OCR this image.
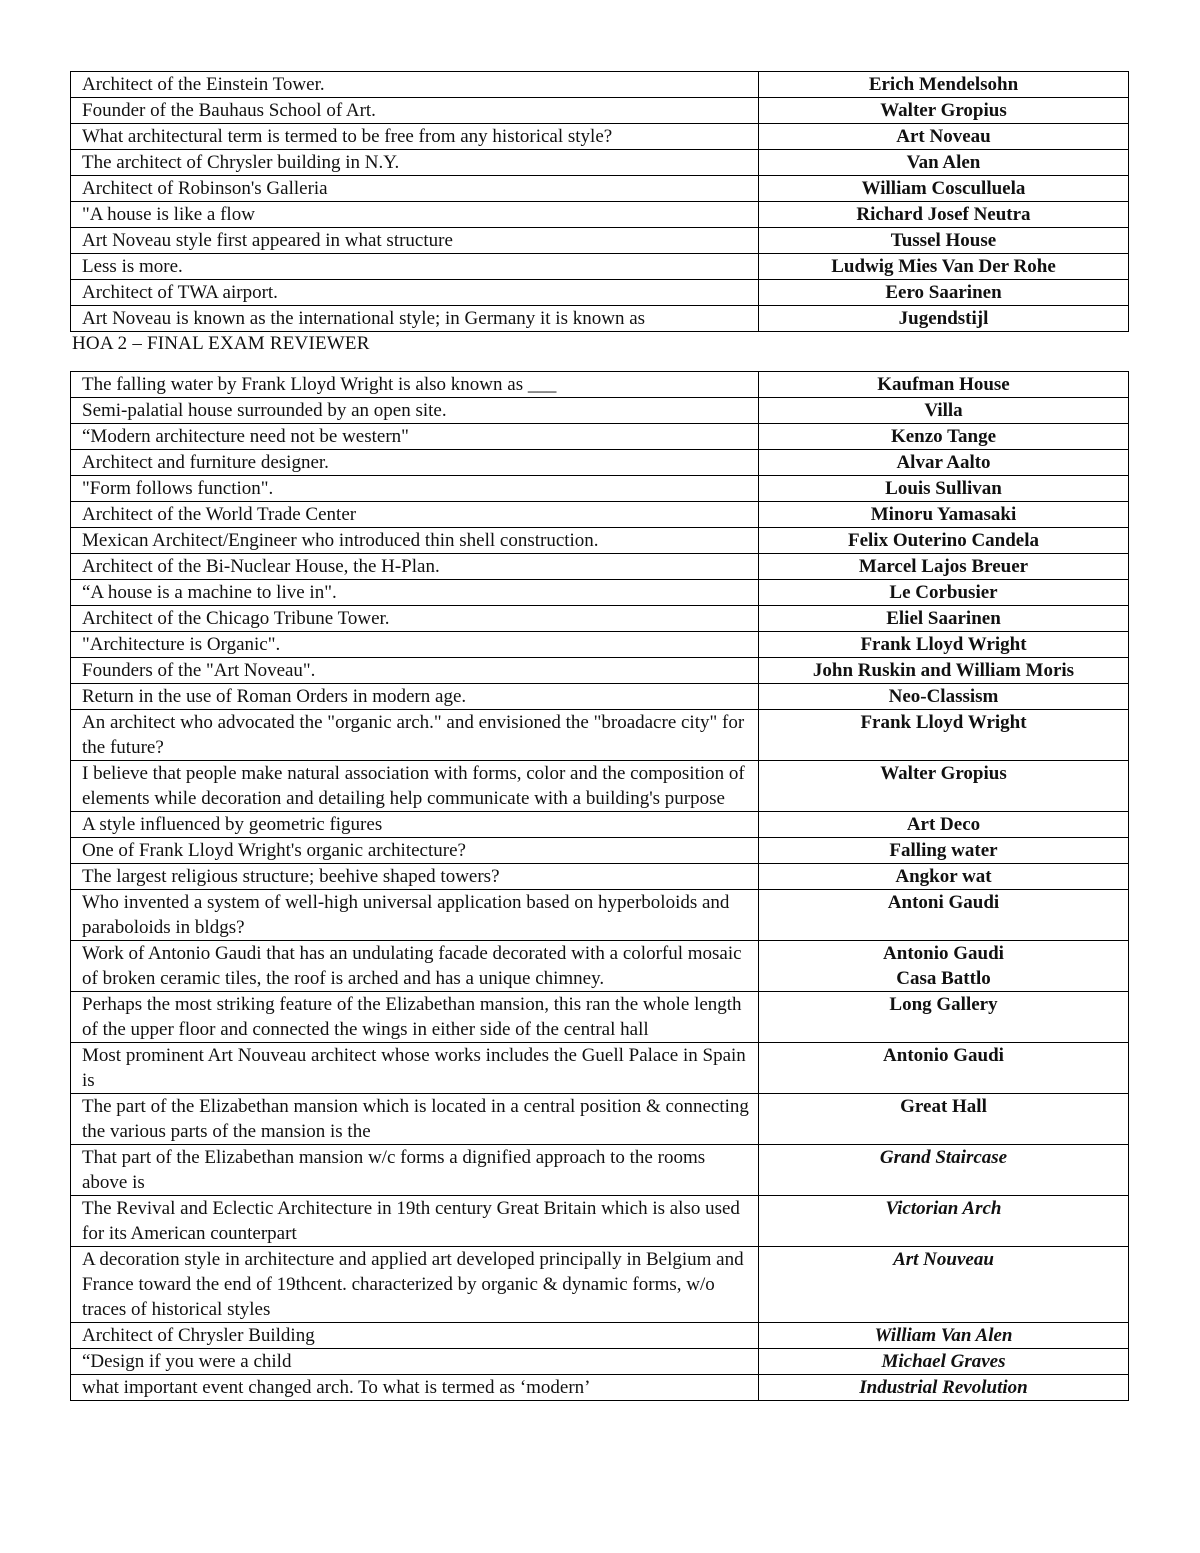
Architect of the Einstein Tower.	Erich Mendelsohn

Founder of the Bauhaus School of Art.	Walter Gropius

What architectural term is termed to be free from any historical style?	Art Noveau

The architect of Chrysler building in N.Y.	Van Alen

Architect of Robinson's Galleria	William Cosculluela

"A house is like a flow	Richard Josef Neutra

Art Noveau style first appeared in what structure	Tussel House

Less is more.	Ludwig Mies Van Der Rohe

Architect of TWA airport.	Eero Saarinen

Art Noveau is known as the international style; in Germany it is known as	Jugendstijl
HOA 2 – FINAL EXAM REVIEWER
The falling water by Frank Lloyd Wright is also known as ___	Kaufman House

Semi-palatial house surrounded by an open site.	Villa

“Modern architecture need not be western"	Kenzo Tange

Architect and furniture designer.	Alvar Aalto

"Form follows function".	Louis Sullivan

Architect of the World Trade Center	Minoru Yamasaki

Mexican Architect/Engineer who introduced thin shell construction.	Felix Outerino Candela

Architect of the Bi-Nuclear House, the H-Plan.	Marcel Lajos Breuer

“A house is a machine to live in".	Le Corbusier

Architect of the Chicago Tribune Tower.	Eliel Saarinen

"Architecture is Organic".	Frank Lloyd Wright

Founders of the "Art Noveau".	John Ruskin and William Moris

Return in the use of Roman Orders in modern age.	Neo-Classism

An architect who advocated the "organic arch." and envisioned the "broadacre city" for the future?	Frank Lloyd Wright

I believe that people make natural association with forms, color and the composition of elements while decoration and detailing help communicate with a building's purpose	Walter Gropius

A style influenced by geometric figures	Art Deco

One of Frank Lloyd Wright's organic architecture?	Falling water

The largest religious structure; beehive shaped towers?	Angkor wat

Who invented a system of well-high universal application based on hyperboloids and paraboloids in bldgs?	Antoni Gaudi

Work of Antonio Gaudi that has an undulating facade decorated with a colorful mosaic of broken ceramic tiles, the roof is arched and has a unique chimney.	Antonio Gaudi
Casa Battlo

Perhaps the most striking feature of the Elizabethan mansion, this ran the whole length of the upper floor and connected the wings in either side of the central hall	Long Gallery

Most prominent Art Nouveau architect whose works includes the Guell Palace in Spain is	Antonio Gaudi

The part of the Elizabethan mansion which is located in a central position & connecting the various parts of the mansion is the	Great Hall

That part of the Elizabethan mansion w/c forms a dignified approach to the rooms above is	Grand Staircase

The Revival and Eclectic Architecture in 19th century Great Britain which is also used for its American counterpart	Victorian Arch

A decoration style in architecture and applied art developed principally in Belgium and France toward the end of 19thcent. characterized by organic & dynamic forms, w/o traces of historical styles	Art Nouveau

Architect of Chrysler Building	William Van Alen

“Design if you were a child	Michael Graves

what important event changed arch. To what is termed as ‘modern’	Industrial Revolution
